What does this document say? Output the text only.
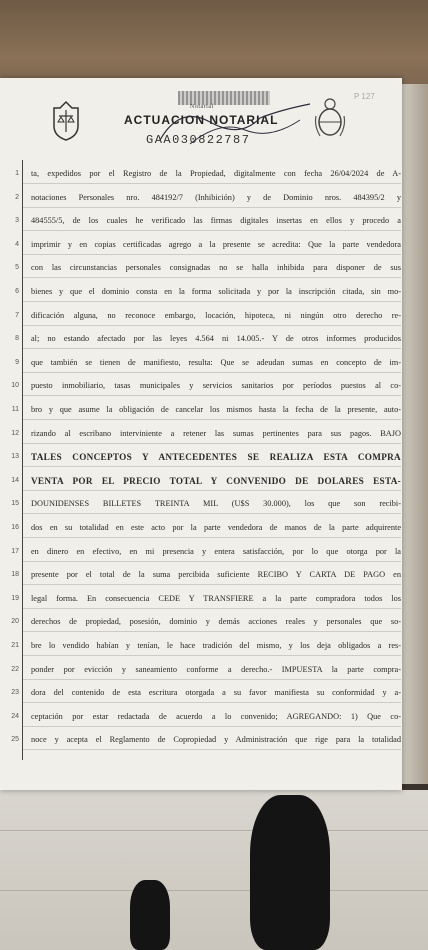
Notarial
P 127
ACTUACION NOTARIAL
GAA030822787
1 ta, expedidos por el Registro de la Propiedad, digitalmente con fecha 26/04/2024 de A-
2 notaciones Personales nro. 484192/7 (Inhibición) y de Dominio nros. 484395/2 y
3 484555/5, de los cuales he verificado las firmas digitales insertas en ellos y procedo a
4 imprimir y en copias certificadas agrego a la presente se acredita: Que la parte vendedora
5 con las circunstancias personales consignadas no se halla inhibida para disponer de sus
6 bienes y que el dominio consta en la forma solicitada y por la inscripción citada, sin mo-
7 dificación alguna, no reconoce embargo, locación, hipoteca, ni ningún otro derecho re-
8 al; no estando afectado por las leyes 4.564 ni 14.005.- Y de otros informes producidos
9 que también se tienen de manifiesto, resulta: Que se adeudan sumas en concepto de im-
10 puesto inmobiliario, tasas municipales y servicios sanitarios por períodos puestos al co-
11 bro y que asume la obligación de cancelar los mismos hasta la fecha de la presente, auto-
12 rizando al escribano interviniente a retener las sumas pertinentes para sus pagos. BAJO
13 TALES CONCEPTOS Y ANTECEDENTES SE REALIZA ESTA COMPRA
14 VENTA POR EL PRECIO TOTAL Y CONVENIDO DE DOLARES ESTA-
15 DOUNIDENSES BILLETES TREINTA MIL (U$S 30.000), los que son recibi-
16 dos en su totalidad en este acto por la parte vendedora de manos de la parte adquirente
17 en dinero en efectivo, en mi presencia y entera satisfacción, por lo que otorga por la
18 presente por el total de la suma percibida suficiente RECIBO Y CARTA DE PAGO en
19 legal forma. En consecuencia CEDE Y TRANSFIERE a la parte compradora todos los
20 derechos de propiedad, posesión, dominio y demás acciones reales y personales que so-
21 bre lo vendido habían y tenían, le hace tradición del mismo, y los deja obligados a res-
22 ponder por evicción y saneamiento conforme a derecho.- IMPUESTA la parte compra-
23 dora del contenido de esta escritura otorgada a su favor manifiesta su conformidad y a-
24 ceptación por estar redactada de acuerdo a lo convenido; AGREGANDO: 1) Que co-
25 noce y acepta el Reglamento de Copropiedad y Administración que rige para la totalidad
